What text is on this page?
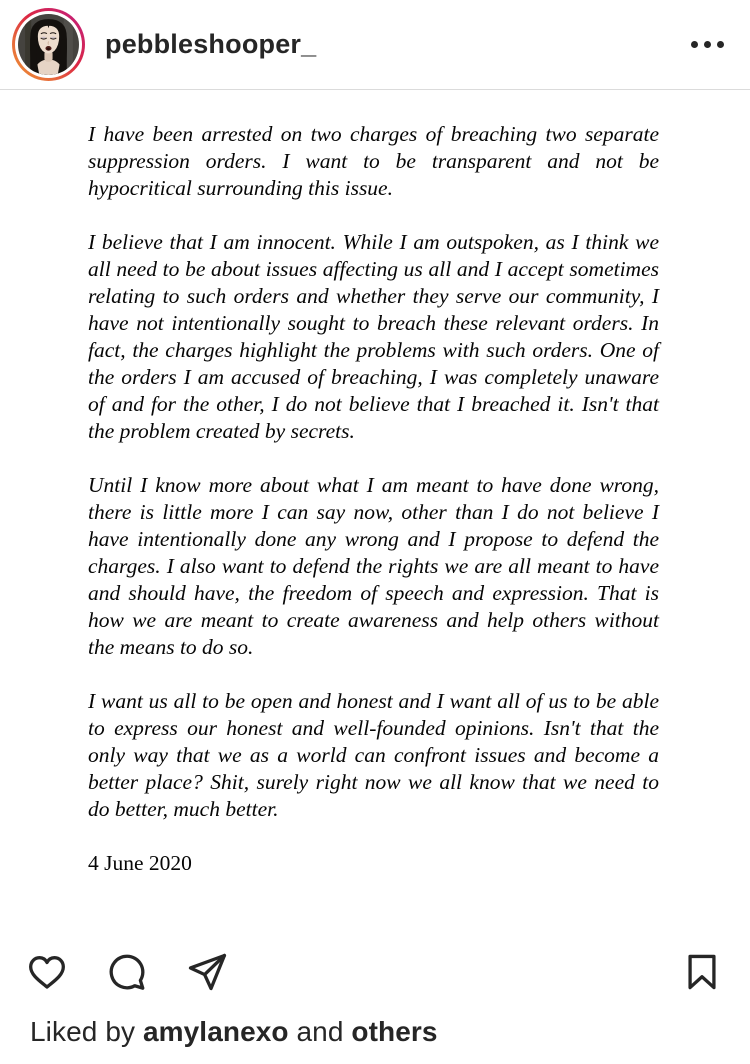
pebbleshooper_

I have been arrested on two charges of breaching two separate suppression orders. I want to be transparent and not be hypocritical surrounding this issue.

I believe that I am innocent. While I am outspoken, as I think we all need to be about issues affecting us all and I accept sometimes relating to such orders and whether they serve our community, I have not intentionally sought to breach these relevant orders. In fact, the charges highlight the problems with such orders. One of the orders I am accused of breaching, I was completely unaware of and for the other, I do not believe that I breached it. Isn't that the problem created by secrets.

Until I know more about what I am meant to have done wrong, there is little more I can say now, other than I do not believe I have intentionally done any wrong and I propose to defend the charges. I also want to defend the rights we are all meant to have and should have, the freedom of speech and expression. That is how we are meant to create awareness and help others without the means to do so.

I want us all to be open and honest and I want all of us to be able to express our honest and well-founded opinions. Isn't that the only way that we as a world can confront issues and become a better place? Shit, surely right now we all know that we need to do better, much better.

4 June 2020

Liked by amylanexo and others
